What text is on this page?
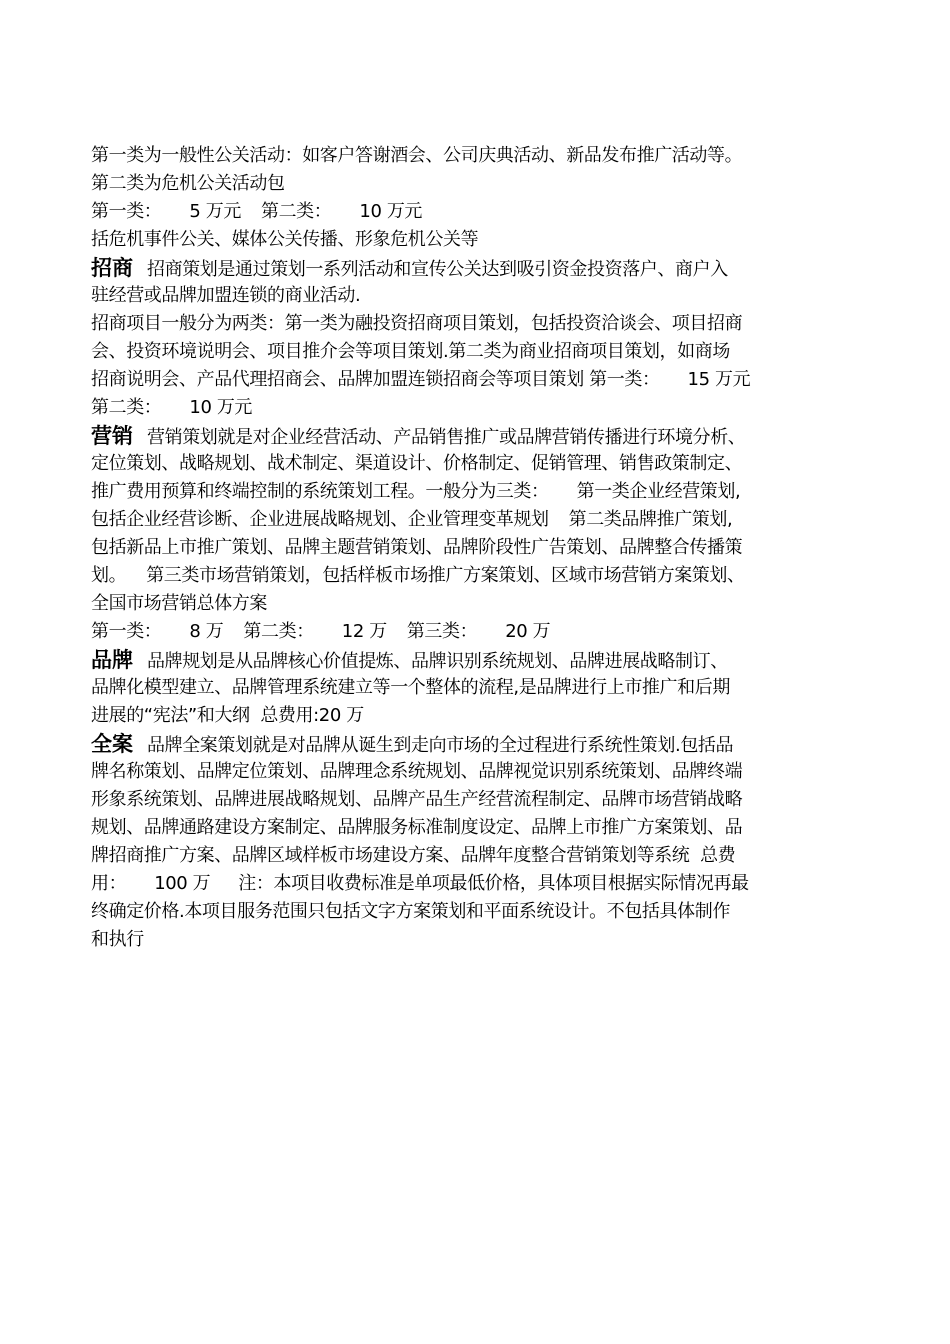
第一类为一般性公关活动：如客户答谢酒会、公司庆典活动、新品发布推广活动等。
第二类为危机公关活动包
第一类： 5 万元 第二类： 10 万元
括危机事件公关、媒体公关传播、形象危机公关等
招商 招商策划是通过策划一系列活动和宣传公关达到吸引资金投资落户、商户入
驻经营或品牌加盟连锁的商业活动.
招商项目一般分为两类：第一类为融投资招商项目策划，包括投资洽谈会、项目招商
会、投资环境说明会、项目推介会等项目策划.第二类为商业招商项目策划，如商场
招商说明会、产品代理招商会、品牌加盟连锁招商会等项目策划 第一类： 15 万元
第二类： 10 万元
营销 营销策划就是对企业经营活动、产品销售推广或品牌营销传播进行环境分析、
定位策划、战略规划、战术制定、渠道设计、价格制定、促销管理、销售政策制定、
推广费用预算和终端控制的系统策划工程。一般分为三类： 第一类企业经营策划,
包括企业经营诊断、企业进展战略规划、企业管理变革规划 第二类品牌推广策划,
包括新品上市推广策划、品牌主题营销策划、品牌阶段性广告策划、品牌整合传播策
划。 第三类市场营销策划，包括样板市场推广方案策划、区域市场营销方案策划、
全国市场营销总体方案
第一类： 8 万 第二类： 12 万 第三类： 20 万
品牌 品牌规划是从品牌核心价值提炼、品牌识别系统规划、品牌进展战略制订、
品牌化模型建立、品牌管理系统建立等一个整体的流程,是品牌进行上市推广和后期
进展的“宪法”和大纲 总费用:20 万
全案 品牌全案策划就是对品牌从诞生到走向市场的全过程进行系统性策划.包括品
牌名称策划、品牌定位策划、品牌理念系统规划、品牌视觉识别系统策划、品牌终端
形象系统策划、品牌进展战略规划、品牌产品生产经营流程制定、品牌市场营销战略
规划、品牌通路建设方案制定、品牌服务标准制度设定、品牌上市推广方案策划、品
牌招商推广方案、品牌区域样板市场建设方案、品牌年度整合营销策划等系统 总费
用： 100 万 注：本项目收费标准是单项最低价格，具体项目根据实际情况再最
终确定价格.本项目服务范围只包括文字方案策划和平面系统设计。不包括具体制作
和执行
